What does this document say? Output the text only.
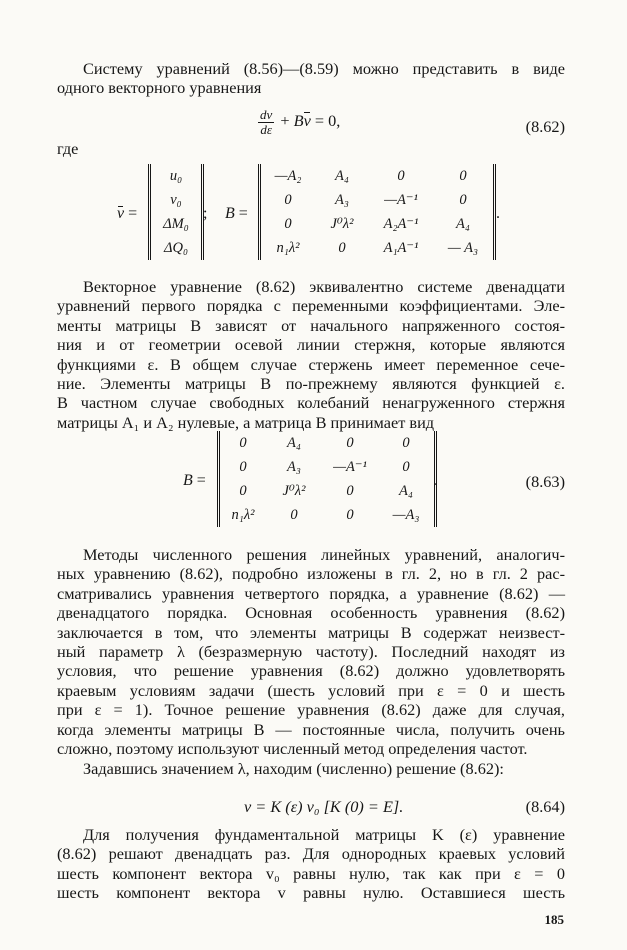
Систему уравнений (8.56)—(8.59) можно представить в виде
одного векторного уравнения
$\frac{dv}{d\varepsilon} + Bv = 0$,	(8.62)
где
v =
u₀
v₀
ΔM₀
ΔQ₀
; B =
—A₂	A₄	0	0
0	A₃	—A⁻¹	0
0	J⁰λ²	A₂A⁻¹	A₄
n₁λ²	0	A₁A⁻¹	— A₃
.
Векторное уравнение (8.62) эквивалентно системе двенадцати
уравнений первого порядка с переменными коэффициентами. Эле-
менты матрицы B зависят от начального напряженного состоя-
ния и от геометрии осевой линии стержня, которые являются
функциями ε. В общем случае стержень имеет переменное сече-
ние. Элементы матрицы B по-прежнему являются функцией ε.
В частном случае свободных колебаний ненагруженного стержня
матрицы A₁ и A₂ нулевые, а матрица B принимает вид
B =
0	A₄	0	0
0	A₃	—A⁻¹	0
0	J⁰λ²	0	A₄
n₁λ²	0	0	—A₃
.	(8.63)
Методы численного решения линейных уравнений, аналогич-
ных уравнению (8.62), подробно изложены в гл. 2, но в гл. 2 рас-
сматривались уравнения четвертого порядка, а уравнение (8.62) —
двенадцатого порядка. Основная особенность уравнения (8.62)
заключается в том, что элементы матрицы B содержат неизвест-
ный параметр λ (безразмерную частоту). Последний находят из
условия, что решение уравнения (8.62) должно удовлетворять
краевым условиям задачи (шесть условий при ε = 0 и шесть
при ε = 1). Точное решение уравнения (8.62) даже для случая,
когда элементы матрицы B — постоянные числа, получить очень
сложно, поэтому используют численный метод определения частот.
Задавшись значением λ, находим (численно) решение (8.62):
v = K (ε) v₀ [K (0) = E].	(8.64)
Для получения фундаментальной матрицы K (ε) уравнение
(8.62) решают двенадцать раз. Для однородных краевых условий
шесть компонент вектора v₀ равны нулю, так как при ε = 0
шесть компонент вектора v равны нулю. Оставшиеся шесть
185
